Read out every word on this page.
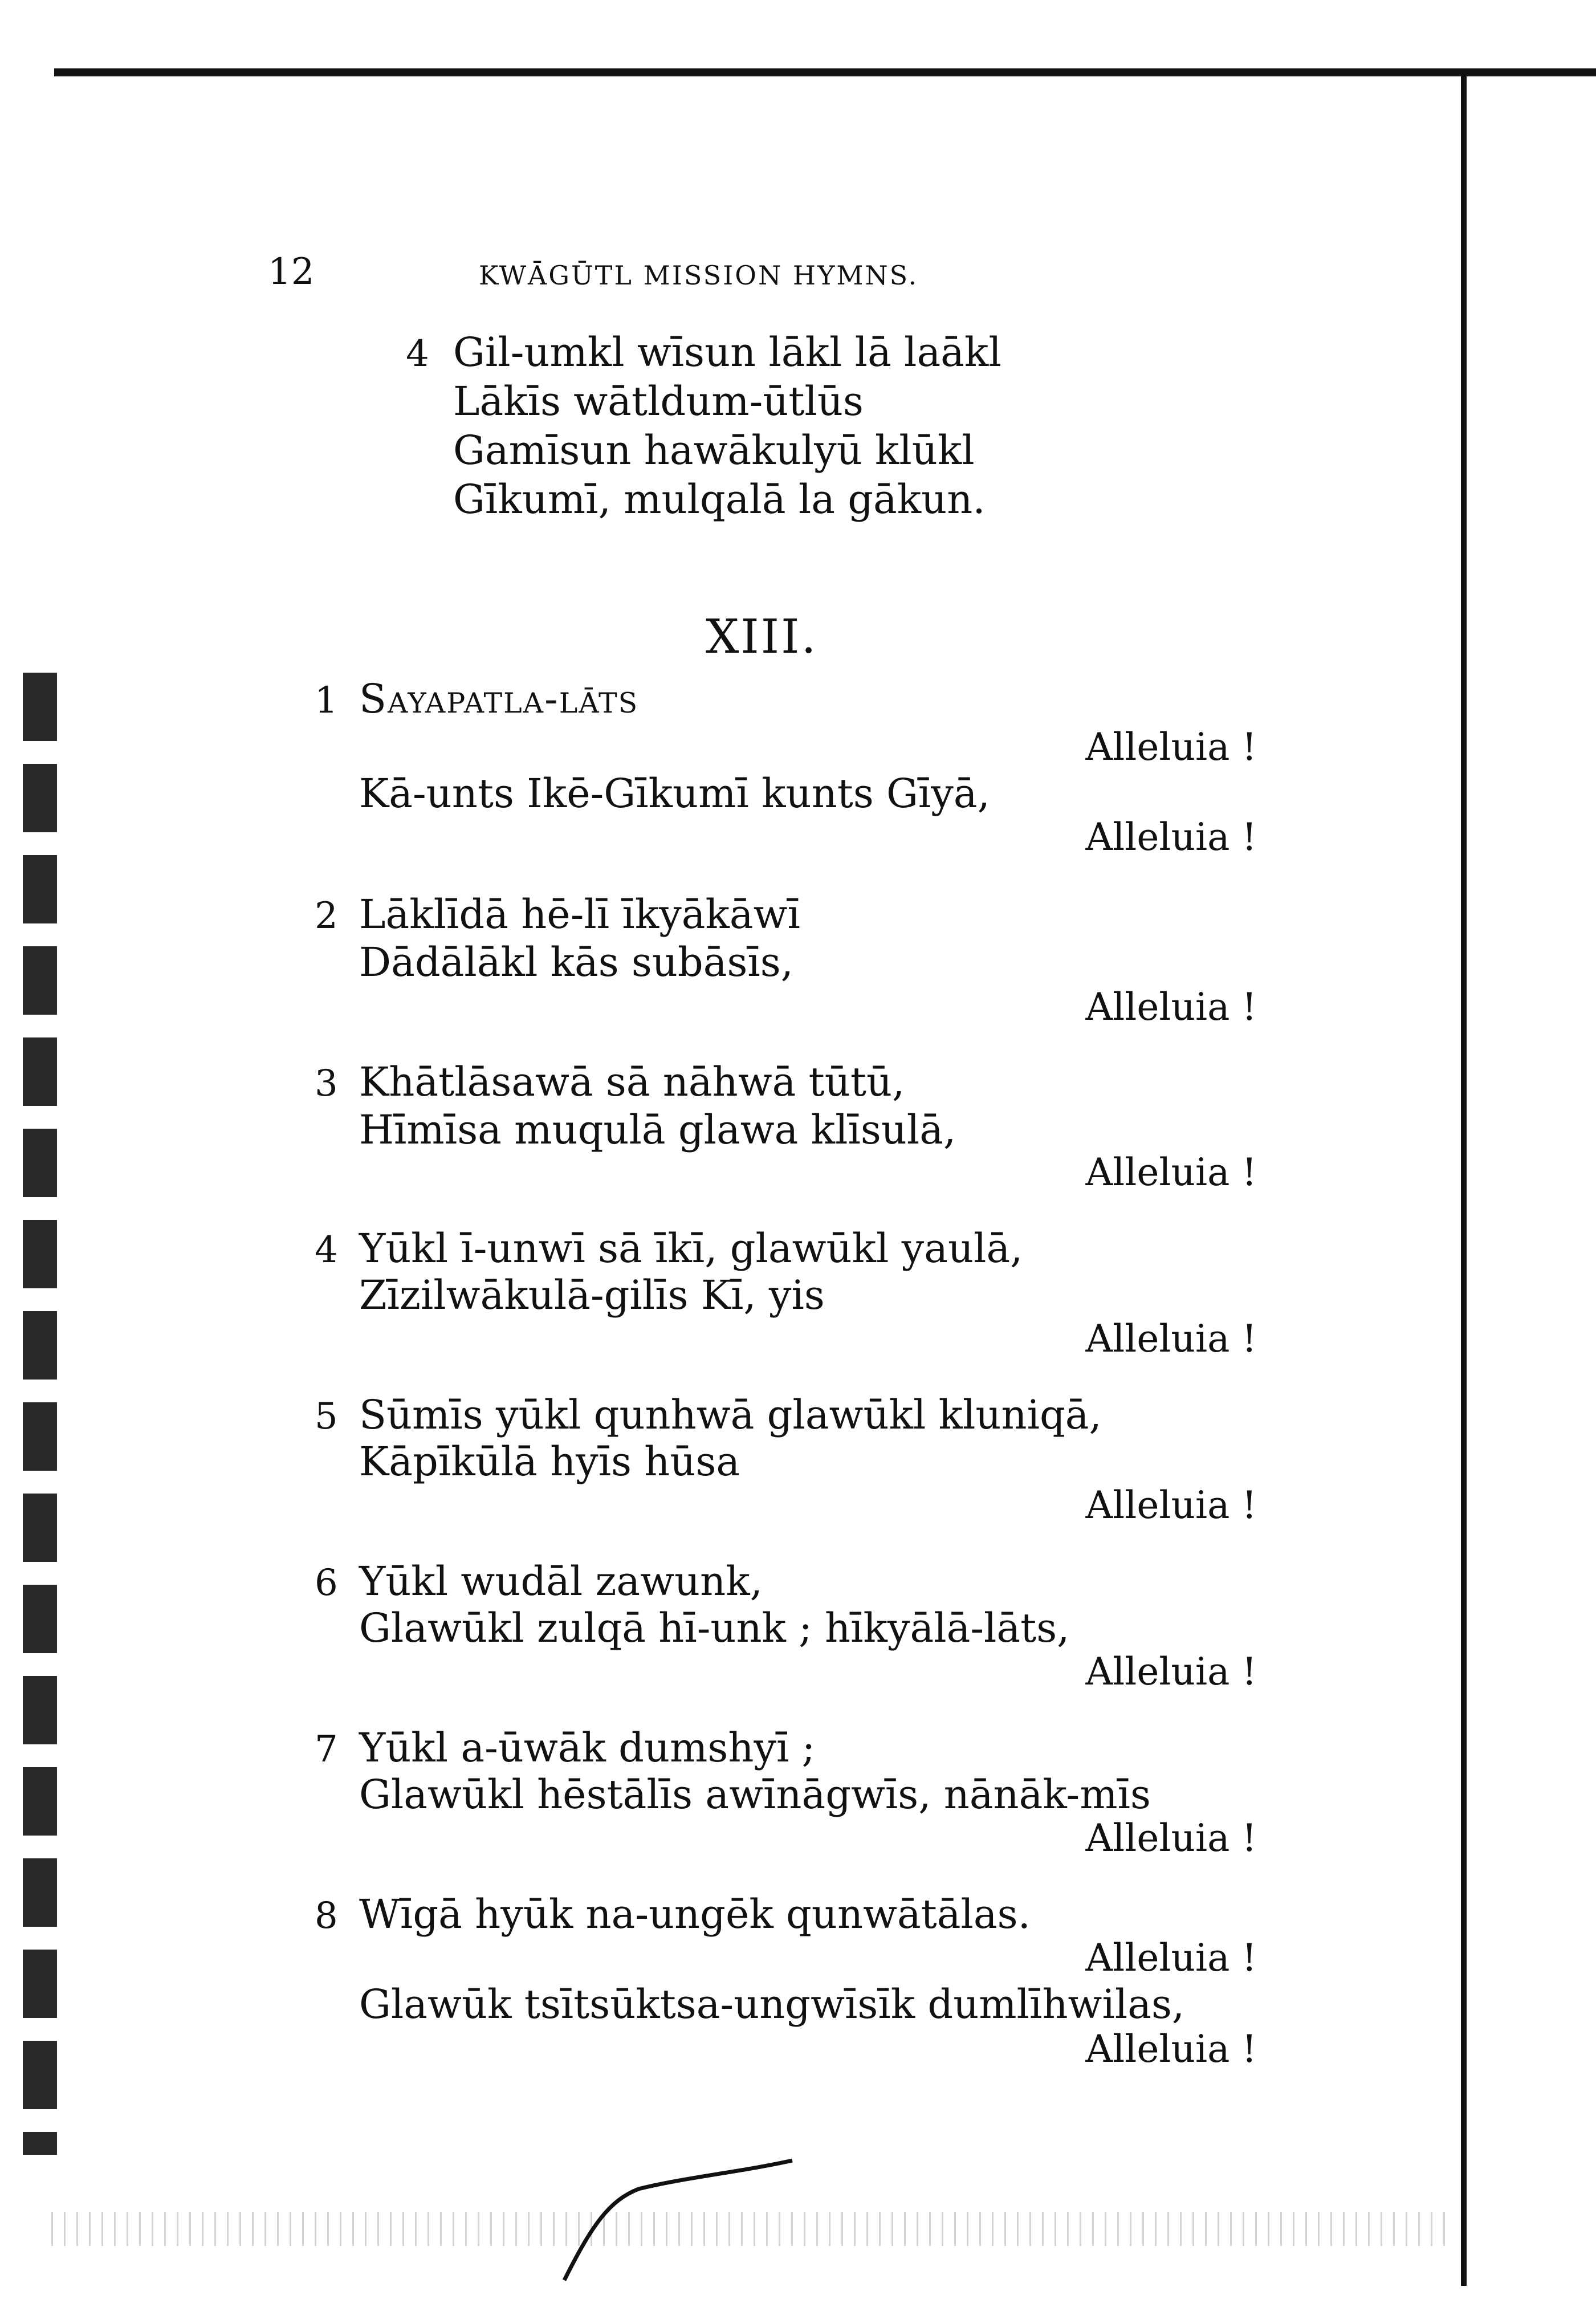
12	KWĀGŪTL MISSION HYMNS.
4 Gil-umkl wīsun lākl lā laākl
Lākīs wātldum-ūtlūs
Gamīsun hawākulyū klūkl
Gīkumī, mulqalā la gākun.
XIII.
1 Sayapatla-lāts
Alleluia !
Kā-unts Ikē-Gīkumī kunts Gīyā,
Alleluia !
2 Lāklīdā hē-lī īkyākāwī
Dādālākl kās subāsīs,
Alleluia !
3 Khātlāsawā sā nāhwā tūtū,
Hīmīsa muqulā glawa klīsulā,
Alleluia !
4 Yūkl ī-unwī sā īkī, glawūkl yaulā,
Zīzilwākulā-gilīs Kī, yis
Alleluia !
5 Sūmīs yūkl qunhwā glawūkl kluniqā,
Kāpīkūlā hyīs hūsa
Alleluia !
6 Yūkl wudāl zawunk,
Glawūkl zulqā hī-unk ; hīkyālā-lāts,
Alleluia !
7 Yūkl a-ūwāk dumshyī ;
Glawūkl hēstālīs awīnāgwīs, nānāk-mīs
Alleluia !
8 Wīgā hyūk na-ungēk qunwātālas.
Alleluia !
Glawūk tsītsūktsa-ungwīsīk dumlīhwilas,
Alleluia !
